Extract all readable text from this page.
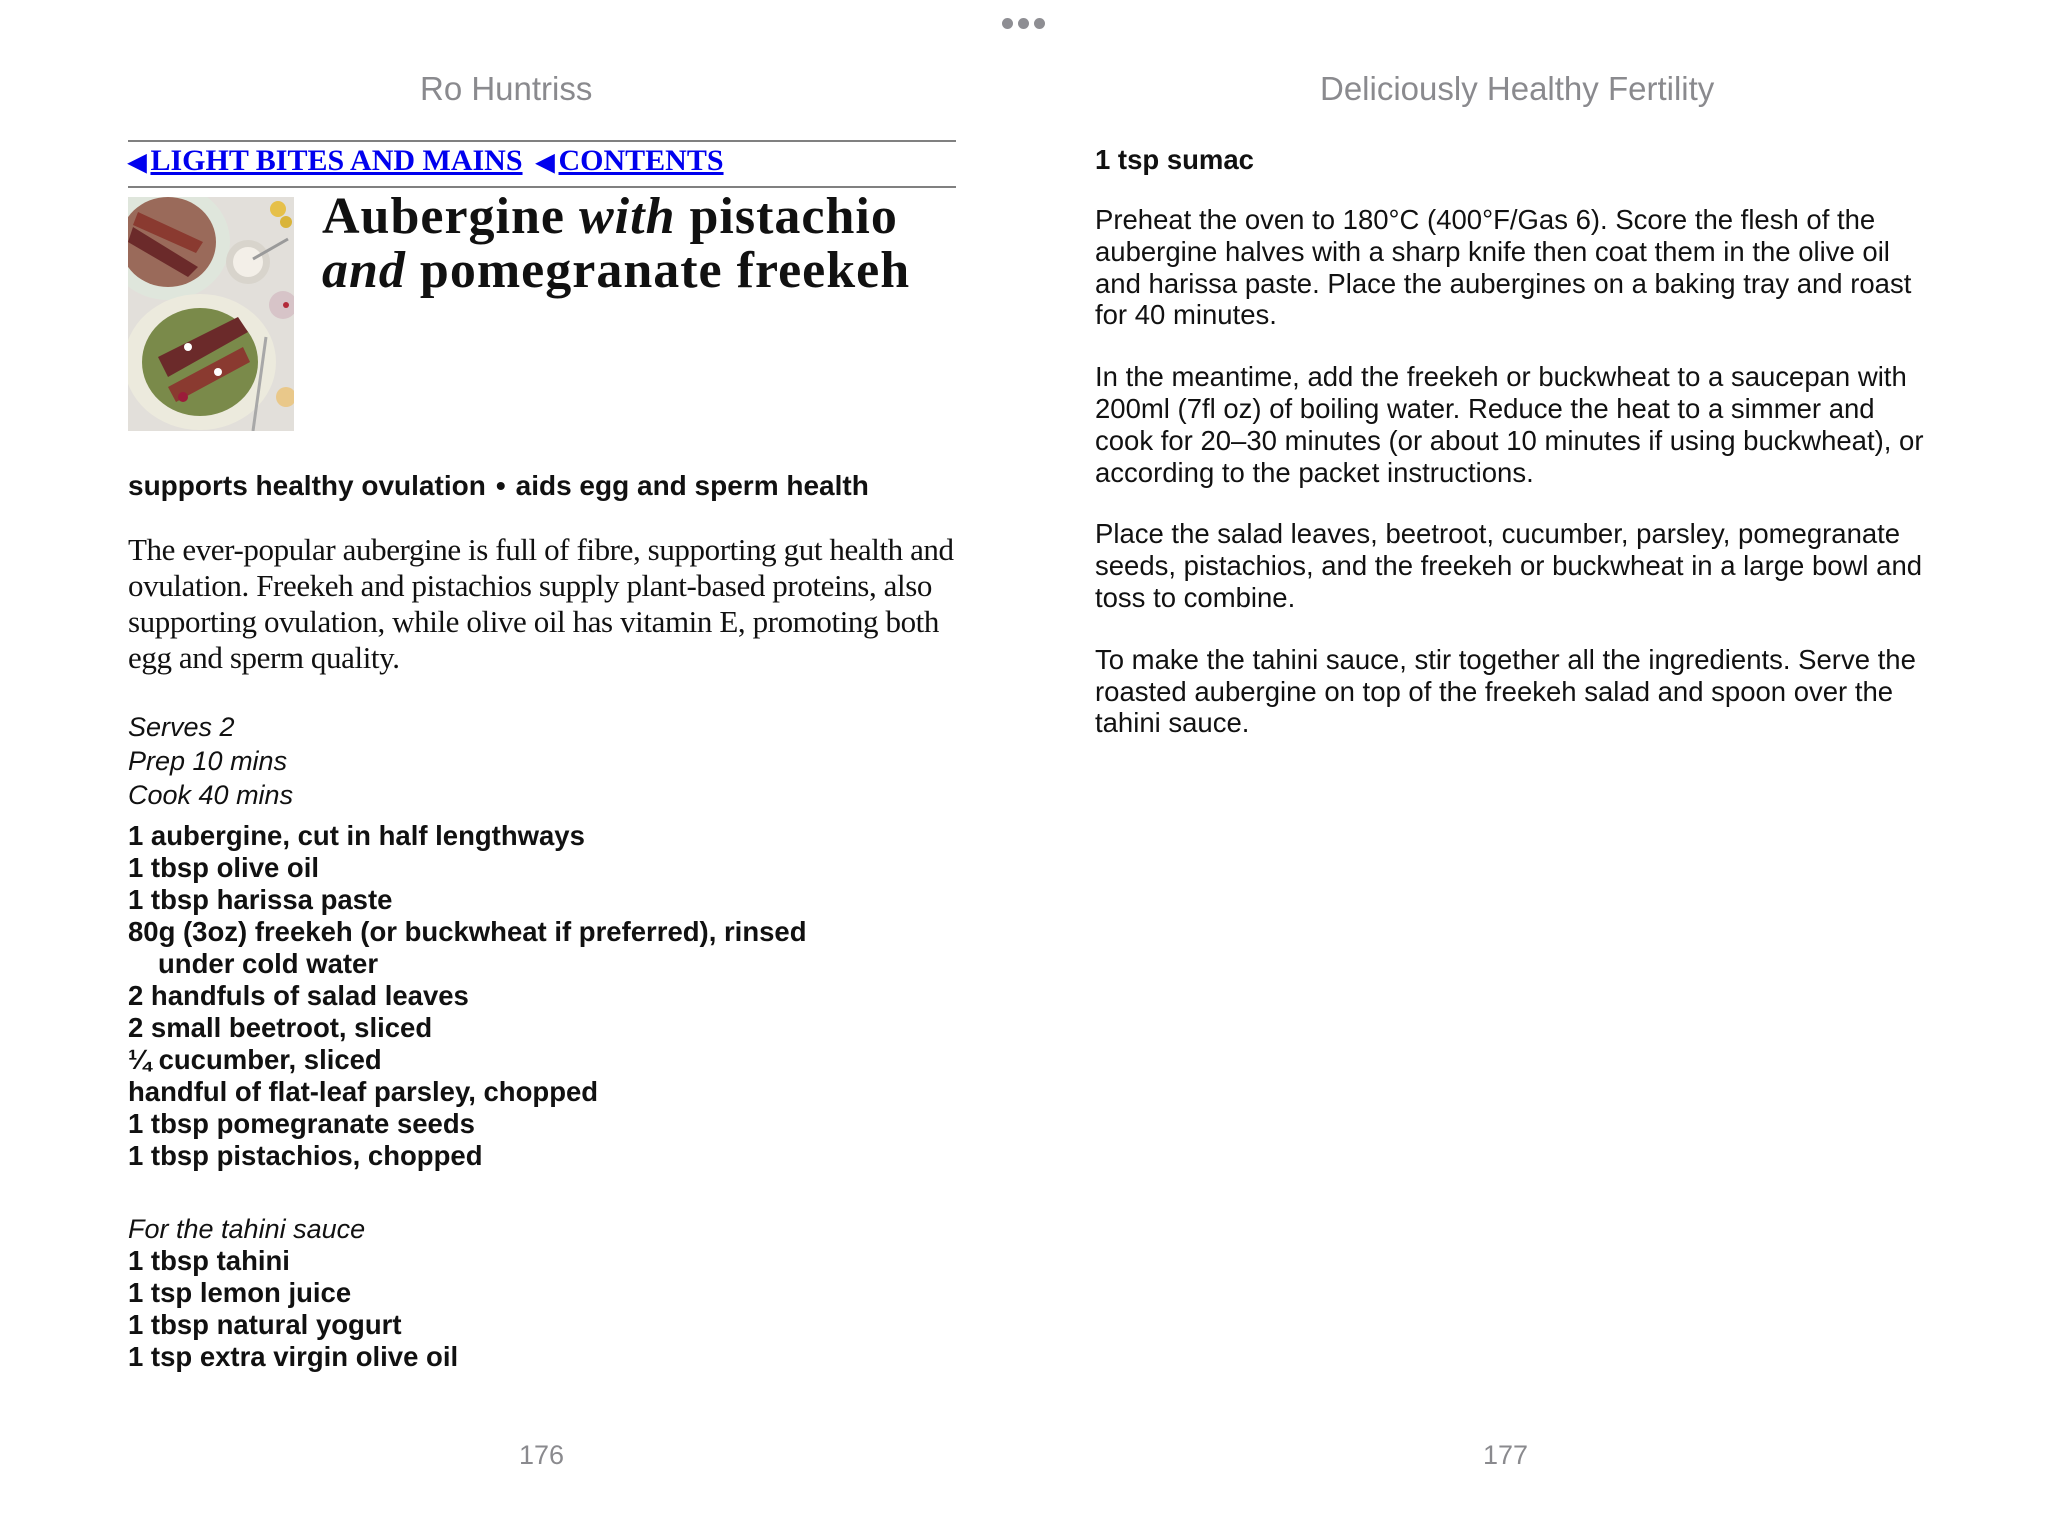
Ro Huntriss	Deliciously Healthy Fertility
◀ LIGHT BITES AND MAINS ◀ CONTENTS
Aubergine with pistachio
and pomegranate freekeh
supports healthy ovulation • aids egg and sperm health
The ever-popular aubergine is full of fibre, supporting gut health and ovulation. Freekeh and pistachios supply plant-based proteins, also supporting ovulation, while olive oil has vitamin E, promoting both egg and sperm quality.
Serves 2
Prep 10 mins
Cook 40 mins
1 aubergine, cut in half lengthways
1 tbsp olive oil
1 tbsp harissa paste
80g (3oz) freekeh (or buckwheat if preferred), rinsed
under cold water
2 handfuls of salad leaves
2 small beetroot, sliced
¼ cucumber, sliced
handful of flat-leaf parsley, chopped
1 tbsp pomegranate seeds
1 tbsp pistachios, chopped
For the tahini sauce
1 tbsp tahini
1 tsp lemon juice
1 tbsp natural yogurt
1 tsp extra virgin olive oil
1 tsp sumac

Preheat the oven to 180°C (400°F/Gas 6). Score the flesh of the aubergine halves with a sharp knife then coat them in the olive oil and harissa paste. Place the aubergines on a baking tray and roast for 40 minutes.

In the meantime, add the freekeh or buckwheat to a saucepan with 200ml (7fl oz) of boiling water. Reduce the heat to a simmer and cook for 20–30 minutes (or about 10 minutes if using buckwheat), or according to the packet instructions.

Place the salad leaves, beetroot, cucumber, parsley, pomegranate seeds, pistachios, and the freekeh or buckwheat in a large bowl and toss to combine.

To make the tahini sauce, stir together all the ingredients. Serve the roasted aubergine on top of the freekeh salad and spoon over the tahini sauce.

176	177
